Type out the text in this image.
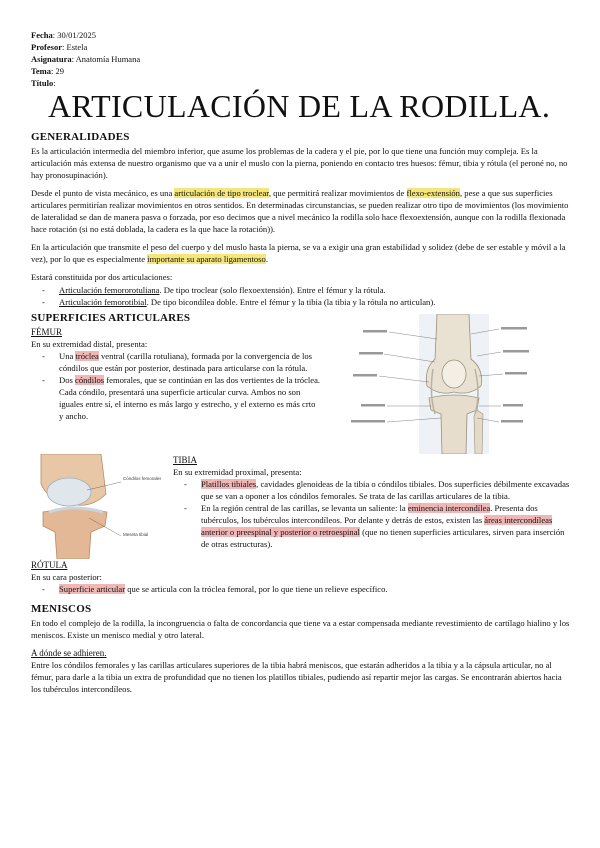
Fecha: 30/01/2025
Profesor: Estela
Asignatura: Anatomía Humana
Tema: 29
Título:
ARTICULACIÓN DE LA RODILLA.
GENERALIDADES

Es la articulación intermedia del miembro inferior, que asume los problemas de la cadera y el pie, por lo que tiene una función muy compleja. Es la articulación más extensa de nuestro organismo que va a unir el muslo con la pierna, poniendo en contacto tres huesos: fémur, tibia y rótula (el peroné no, no hay pronosupinación).

Desde el punto de vista mecánico, es una articulación de tipo troclear, que permitirá realizar movimientos de flexo-extensión, pese a que sus superficies articulares permitirían realizar movimientos en otros sentidos. En determinadas circunstancias, se pueden realizar otro tipo de movimientos (los movimiento de lateralidad se dan de manera pasva o forzada, por eso decimos que a nivel mecánico la rodilla solo hace flexoextensión, aunque con la rodilla flexionada hace rotación (si no está doblada, la cadera es la que hace la rotación)).

En la articulación que transmite el peso del cuerpo y del muslo hasta la pierna, se va a exigir una gran estabilidad y solidez (debe de ser estable y móvil a la vez), por lo que es especialmente importante su aparato ligamentoso.

Estará constituida por dos articulaciones:

- Articulación femororotuliana. De tipo troclear (solo flexoextensión). Entre el fémur y la rótula.
- Articulación femorotibial. De tipo bicondílea doble. Entre el fémur y la tibia (la tibia y la rótula no articulan).
SUPERFICIES ARTICULARES
FÉMUR
En su extremidad distal, presenta:
- Una tróclea ventral (carilla rotuliana), formada por la convergencia de los cóndilos que están por posterior, destinada para articularse con la rótula.
- Dos cóndilos femorales, que se continúan en las dos vertientes de la tróclea. Cada cóndilo, presentará una superficie articular curva. Ambos no son iguales entre sí, el interno es más largo y estrecho, y el externo es más crto y ancho.
Cóndilos femorales
Meseta tibial
TIBIA
En su extremidad proximal, presenta:
- Platillos tibiales, cavidades glenoideas de la tibia o cóndilos tibiales. Dos superficies débilmente excavadas que se van a oponer a los cóndilos femorales. Se trata de las carillas articulares de la tibia.
- En la región central de las carillas, se levanta un saliente: la eminencia intercondílea. Presenta dos tubérculos, los tubérculos intercondíleos. Por delante y detrás de estos, existen las áreas intercondíleas anterior o preespinal y posterior o retroespinal (que no tienen superficies articulares, sirven para inserción de otras estructuras).
RÓTULA
En su cara posterior:
- Superficie articular que se articula con la tróclea femoral, por lo que tiene un relieve específico.
MENISCOS

En todo el complejo de la rodilla, la incongruencia o falta de concordancia que tiene va a estar compensada mediante revestimiento de cartílago hialino y los meniscos. Existe un menisco medial y otro lateral.

A dónde se adhieren.

Entre los cóndilos femorales y las carillas articulares superiores de la tibia habrá meniscos, que estarán adheridos a la tibia y a la cápsula articular, no al fémur, para darle a la tibia un extra de profundidad que no tienen los platillos tibiales, pudiendo así repartir mejor las cargas. Se encontrarán abiertos hacia los tubérculos intercondíleos.
